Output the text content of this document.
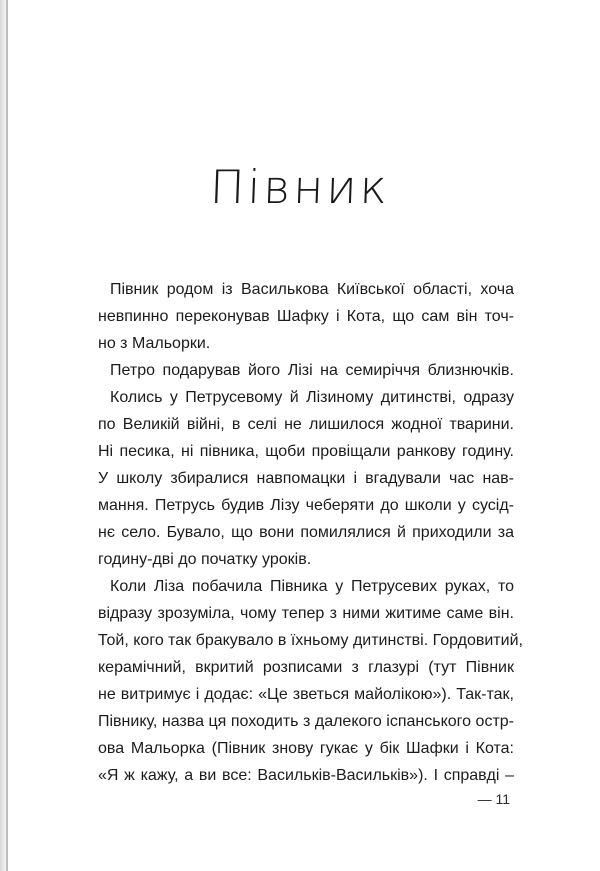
Півник
Півник родом із Василькова Київської області, хоча
невпинно переконував Шафку і Кота, що сам він точ-
но з Мальорки.
Петро подарував його Лізі на семиріччя близнючків.
Колись у Петрусевому й Лізиному дитинстві, одразу
по Великій війні, в селі не лишилося жодної тварини.
Ні песика, ні півника, щоби провіщали ранкову годину.
У школу збиралися навпомацки і вгадували час нав-
мання. Петрусь будив Лізу чеберяти до школи у сусід-
нє село. Бувало, що вони помилялися й приходили за
годину-дві до початку уроків.
Коли Ліза побачила Півника у Петрусевих руках, то
відразу зрозуміла, чому тепер з ними житиме саме він.
Той, кого так бракувало в їхньому дитинстві. Гордовитий,
керамічний, вкритий розписами з глазурі (тут Півник
не витримує і додає: «Це зветься майолікою»). Так-так,
Півнику, назва ця походить з далекого іспанського остр-
ова Мальорка (Півник знову гукає у бік Шафки і Кота:
«Я ж кажу, а ви все: Васильків-Васильків»). І справді –
— 11
